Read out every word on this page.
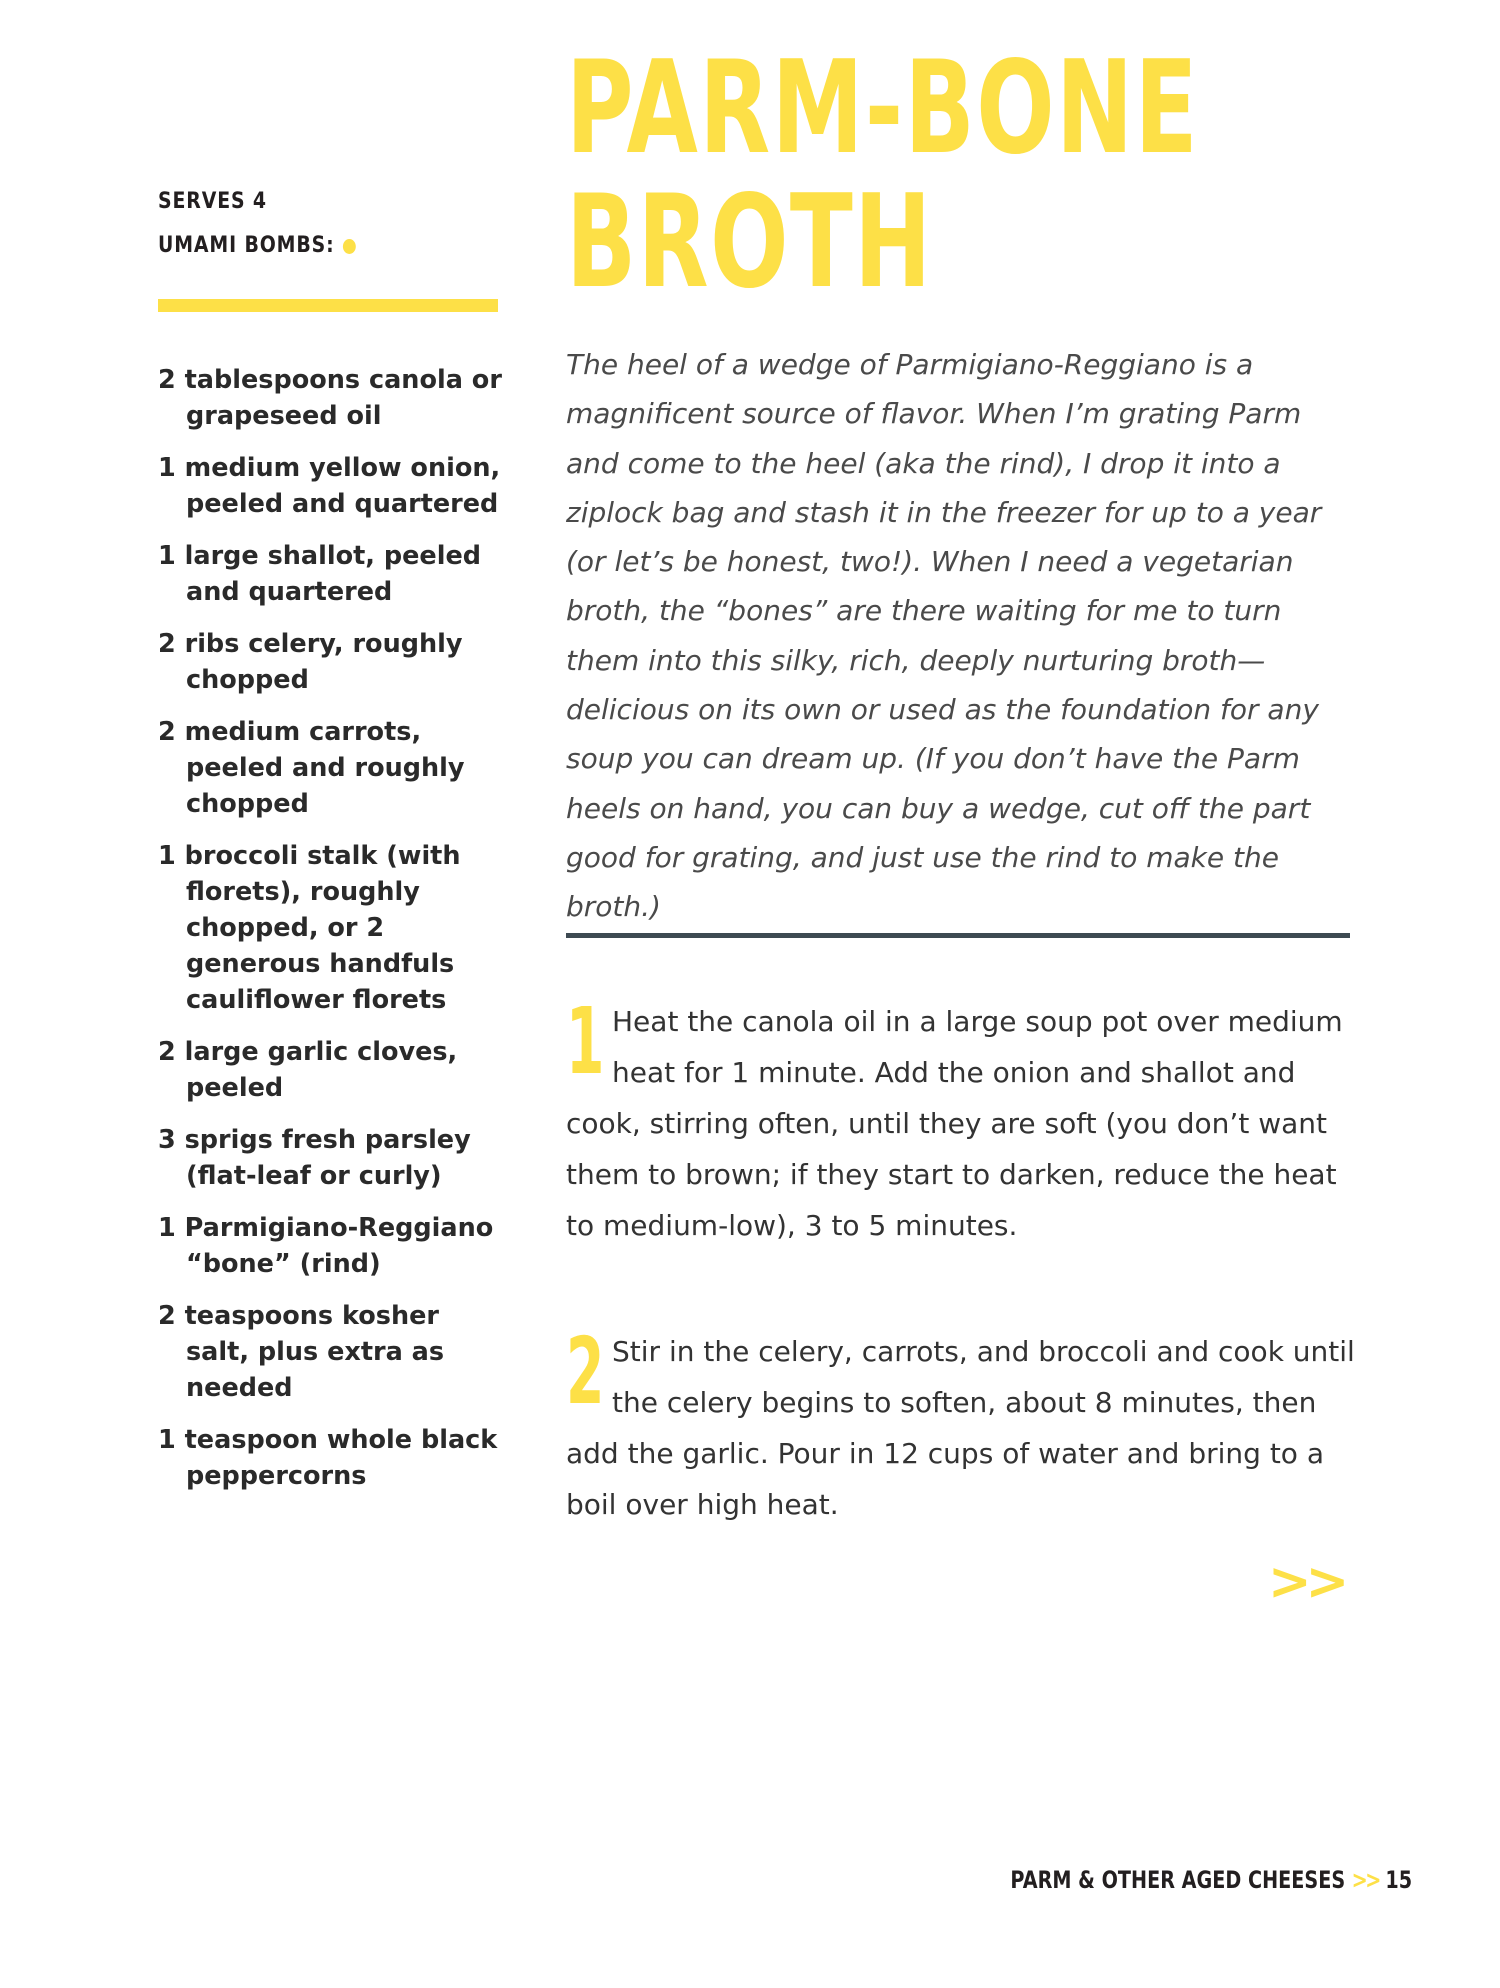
SERVES 4
UMAMI BOMBS:
2 tablespoons canola or grapeseed oil
1 medium yellow onion, peeled and quartered
1 large shallot, peeled and quartered
2 ribs celery, roughly chopped
2 medium carrots, peeled and roughly chopped
1 broccoli stalk (with florets), roughly chopped, or 2 generous handfuls cauliflower florets
2 large garlic cloves, peeled
3 sprigs fresh parsley (flat-leaf or curly)
1 Parmigiano-Reggiano “bone” (rind)
2 teaspoons kosher salt, plus extra as needed
1 teaspoon whole black peppercorns
PARM-BONE
BROTH

The heel of a wedge of Parmigiano-Reggiano is a magnificent source of flavor. When I’m grating Parm and come to the heel (aka the rind), I drop it into a ziplock bag and stash it in the freezer for up to a year (or let’s be honest, two!). When I need a vegetarian broth, the “bones” are there waiting for me to turn them into this silky, rich, deeply nurturing broth—delicious on its own or used as the foundation for any soup you can dream up. (If you don’t have the Parm heels on hand, you can buy a wedge, cut off the part good for grating, and just use the rind to make the broth.)

1 Heat the canola oil in a large soup pot over medium heat for 1 minute. Add the onion and shallot and cook, stirring often, until they are soft (you don’t want them to brown; if they start to darken, reduce the heat to medium-low), 3 to 5 minutes.
2 Stir in the celery, carrots, and broccoli and cook until the celery begins to soften, about 8 minutes, then add the garlic. Pour in 12 cups of water and bring to a boil over high heat.
>>
PARM & OTHER AGED CHEESES >> 15
